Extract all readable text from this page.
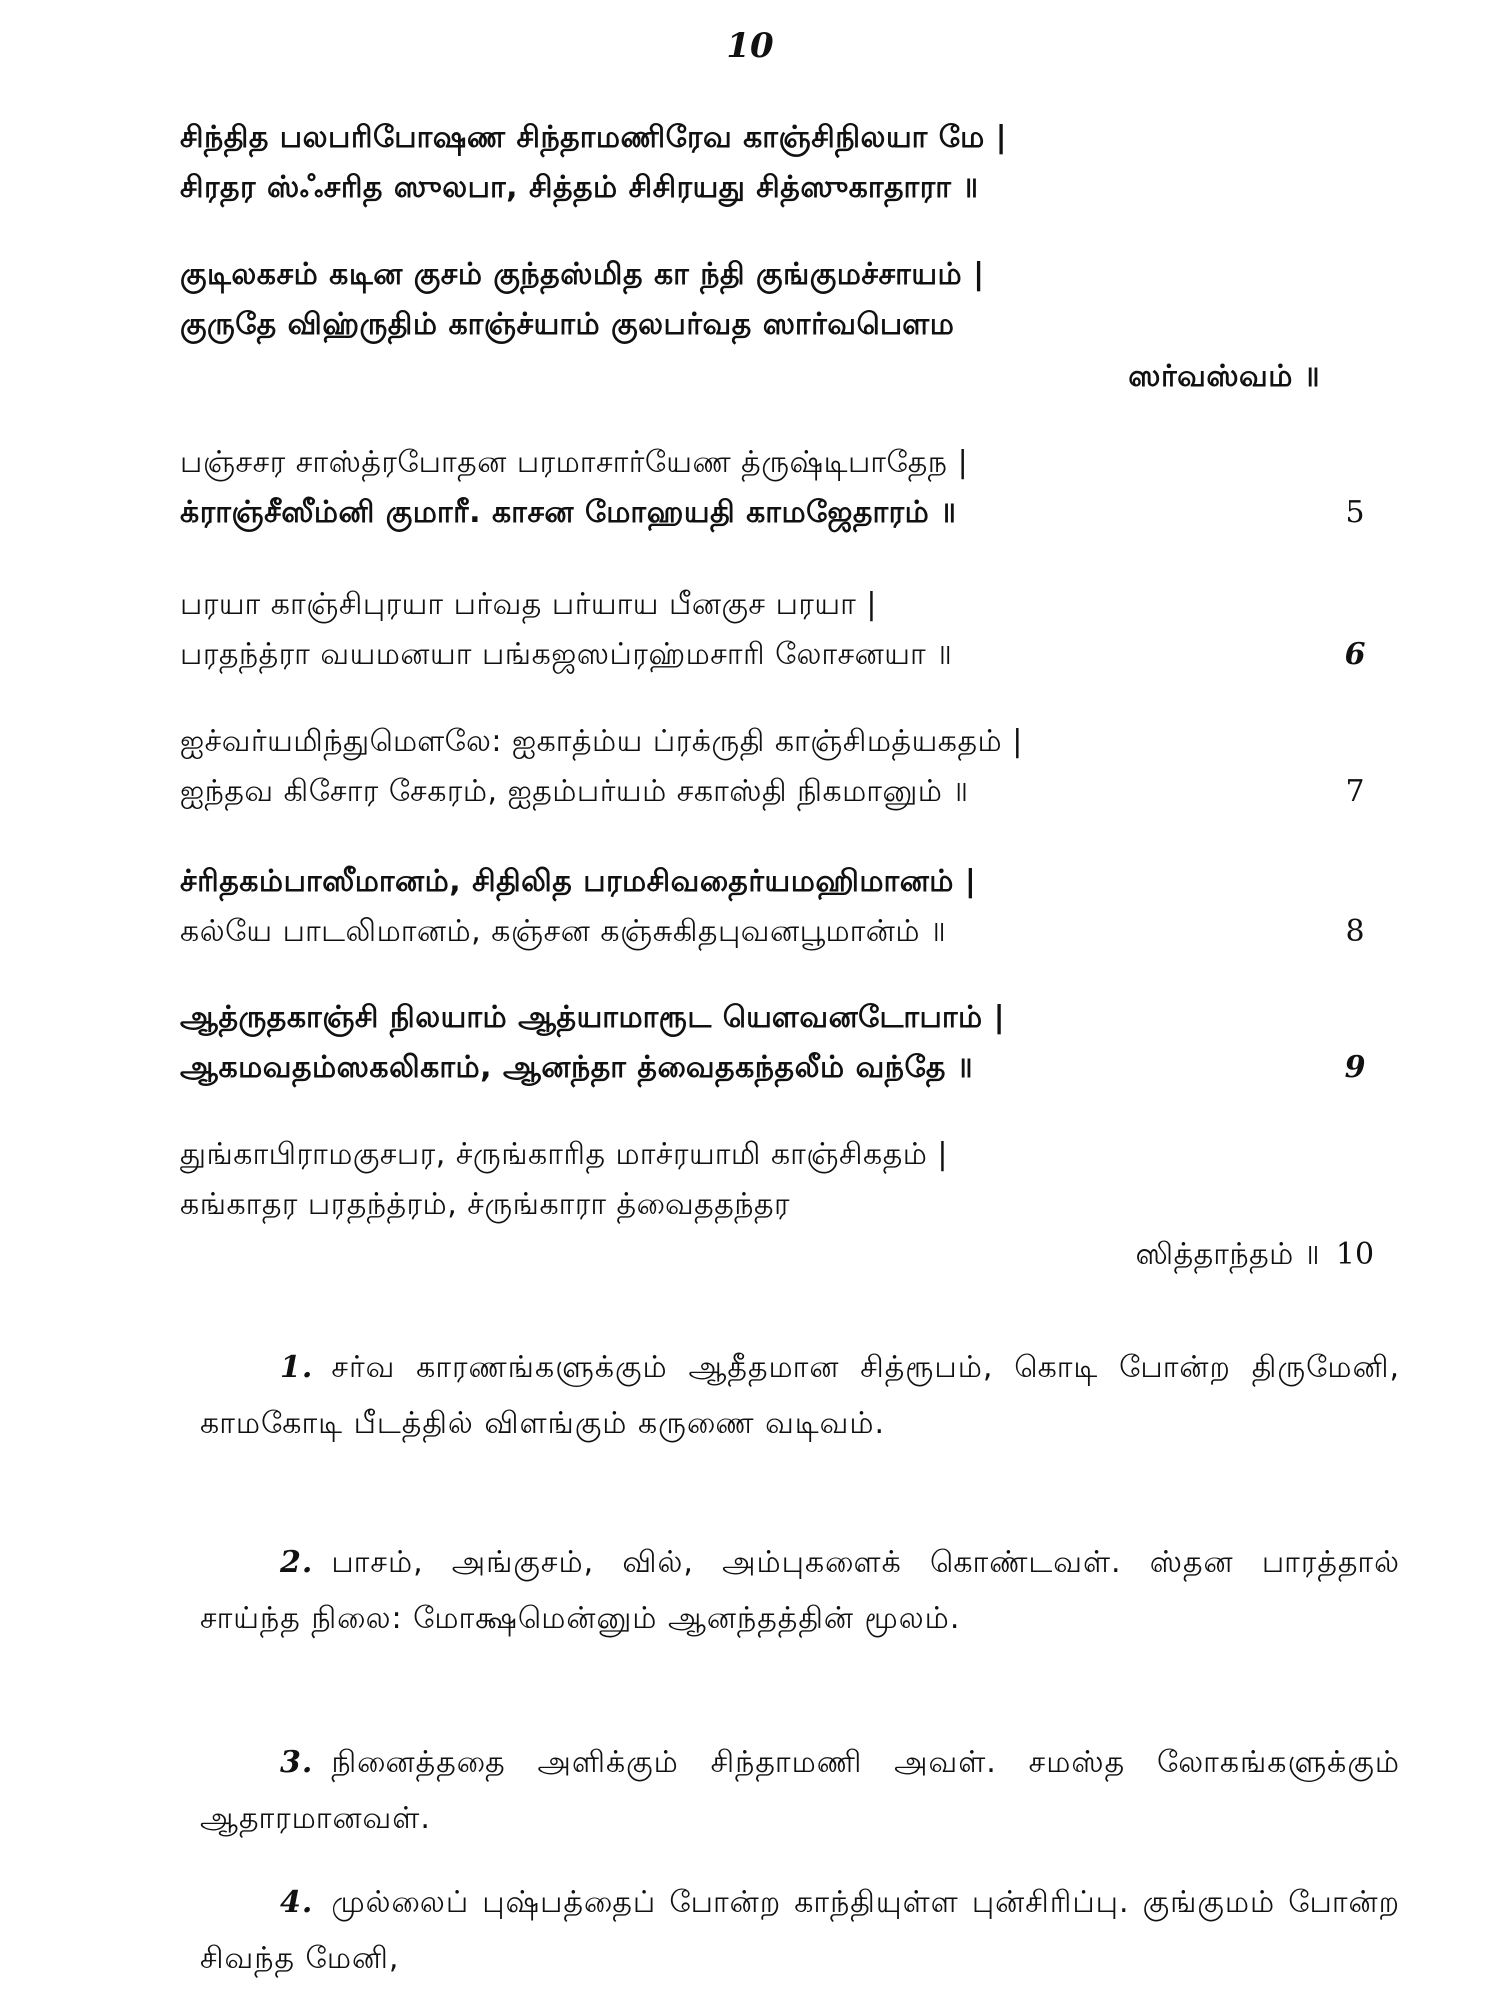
10
சிந்தித பலபரிபோஷண சிந்தாமணிரேவ காஞ்சிநிலயா மே |
சிரதர ஸ்ஃசரித ஸுலபா, சித்தம் சிசிரயது சித்ஸுகாதாரா ॥
குடிலகசம் கடின குசம் குந்தஸ்மித கா ந்தி குங்குமச்சாயம் |
குருதே விஹ்ருதிம் காஞ்ச்யாம் குலபர்வத ஸார்வபௌம
ஸர்வஸ்வம் ॥
பஞ்சசர சாஸ்த்ரபோதன பரமாசார்யேண த்ருஷ்டிபாதேந |
க்ராஞ்சீஸீம்னி குமாரீ. காசன மோஹயதி காமஜேதாரம் ॥	5
பரயா காஞ்சிபுரயா பர்வத பர்யாய பீனகுச பரயா |
பரதந்த்ரா வயமனயா பங்கஜஸப்ரஹ்மசாரி லோசனயா ॥	6
ஐச்வர்யமிந்துமௌலே: ஐகாத்ம்ய ப்ரக்ருதி காஞ்சிமத்யகதம் |
ஐந்தவ கிசோர சேகரம், ஐதம்பர்யம் சகாஸ்தி நிகமானும் ॥	7
ச்ரிதகம்பாஸீமானம், சிதிலித பரமசிவதைர்யமஹிமானம் |
கல்யே பாடலிமானம், கஞ்சன கஞ்சுகிதபுவனபூமான்ம் ॥	8
ஆத்ருதகாஞ்சி நிலயாம் ஆத்யாமாரூட யௌவனடோபாம் |
ஆகமவதம்ஸகலிகாம், ஆனந்தா த்வைதகந்தலீம் வந்தே ॥	9
துங்காபிராமகுசபர, ச்ருங்காரித மாச்ரயாமி காஞ்சிகதம் |
கங்காதர பரதந்த்ரம், ச்ருங்காரா த்வைததந்தர
ஸித்தாந்தம் ॥ 10
1. சர்வ காரணங்களுக்கும் ஆதீதமான சித்ரூபம், கொடி போன்ற திருமேனி, காமகோடி பீடத்தில் விளங்கும் கருணை வடிவம்.
2. பாசம், அங்குசம், வில், அம்புகளைக் கொண்டவள். ஸ்தன பாரத்தால் சாய்ந்த நிலை: மோக்ஷமென்னும் ஆனந்தத்தின் மூலம்.
3. நினைத்ததை அளிக்கும் சிந்தாமணி அவள். சமஸ்த லோகங்களுக்கும் ஆதாரமானவள்.
4. முல்லைப் புஷ்பத்தைப் போன்ற காந்தியுள்ள புன்சிரிப்பு. குங்குமம் போன்ற சிவந்த மேனி,
